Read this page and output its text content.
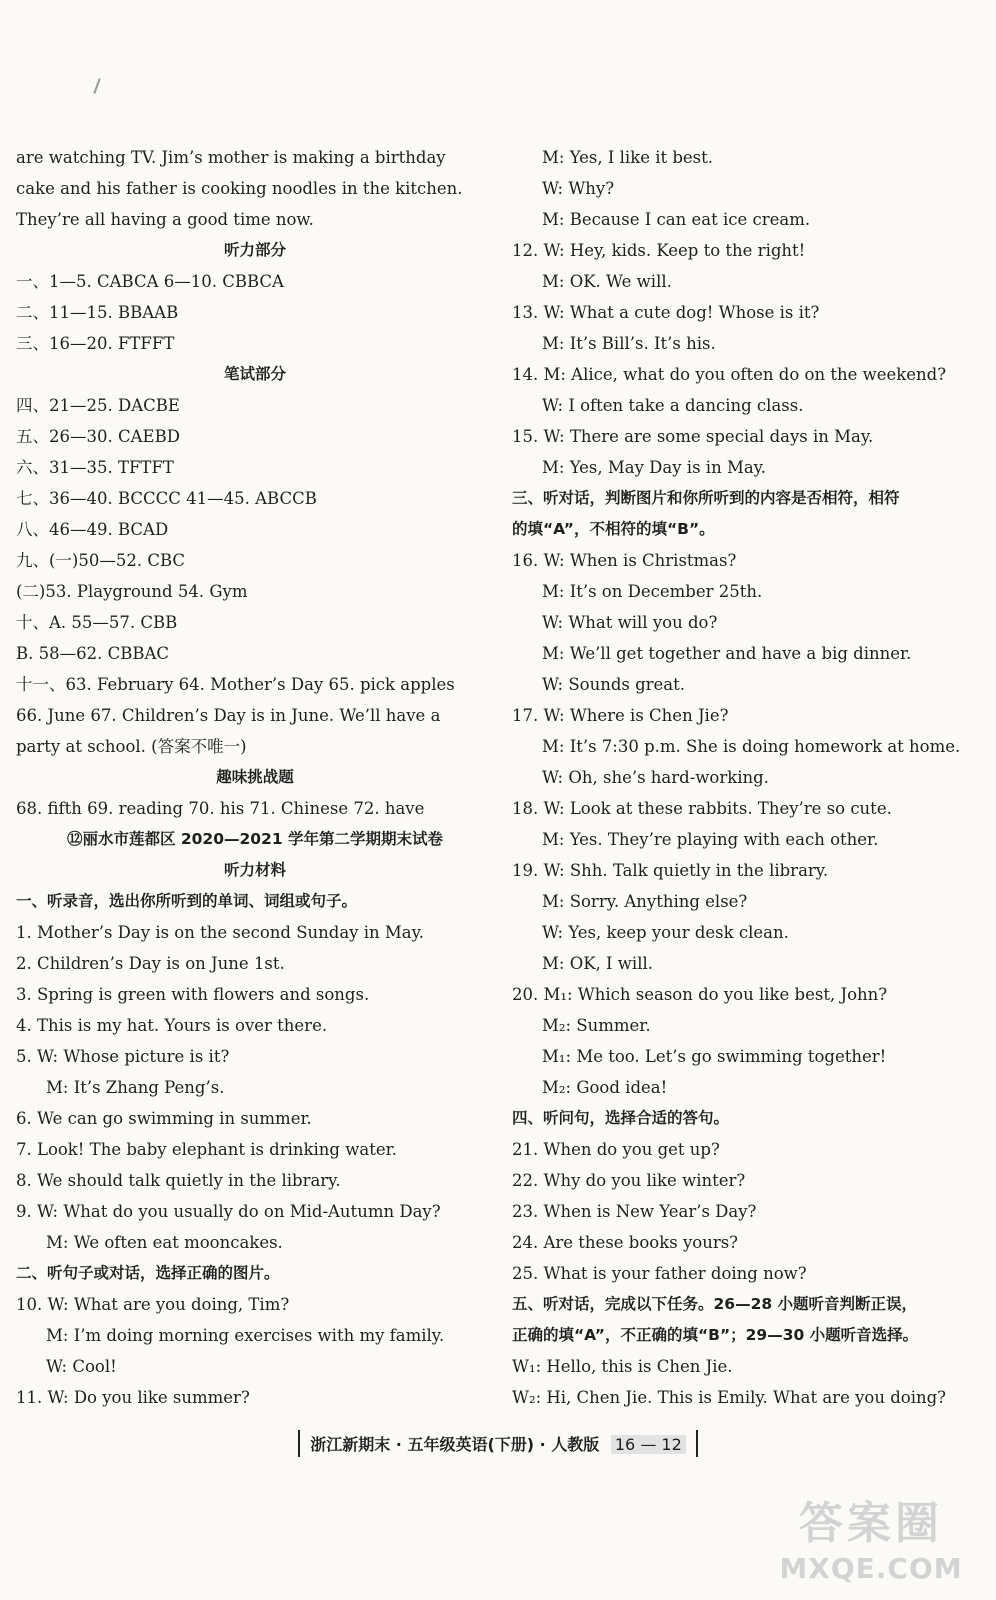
are watching TV. Jim’s mother is making a birthday
cake and his father is cooking noodles in the kitchen.
They’re all having a good time now.
听力部分
一、1—5. CABCA 6—10. CBBCA
二、11—15. BBAAB
三、16—20. FTFFT
笔试部分
四、21—25. DACBE
五、26—30. CAEBD
六、31—35. TFTFT
七、36—40. BCCCC 41—45. ABCCB
八、46—49. BCAD
九、(一)50—52. CBC
(二)53. Playground 54. Gym
十、A. 55—57. CBB
B. 58—62. CBBAC
十一、63. February 64. Mother’s Day 65. pick apples
66. June 67. Children’s Day is in June. We’ll have a
party at school. (答案不唯一)
趣味挑战题
68. fifth 69. reading 70. his 71. Chinese 72. have
⑫丽水市莲都区 2020—2021 学年第二学期期末试卷
听力材料
一、听录音，选出你所听到的单词、词组或句子。
1. Mother’s Day is on the second Sunday in May.
2. Children’s Day is on June 1st.
3. Spring is green with flowers and songs.
4. This is my hat. Yours is over there.
5. W: Whose picture is it?
M: It’s Zhang Peng’s.
6. We can go swimming in summer.
7. Look! The baby elephant is drinking water.
8. We should talk quietly in the library.
9. W: What do you usually do on Mid-Autumn Day?
M: We often eat mooncakes.
二、听句子或对话，选择正确的图片。
10. W: What are you doing, Tim?
M: I’m doing morning exercises with my family.
W: Cool!
11. W: Do you like summer?
M: Yes, I like it best.
W: Why?
M: Because I can eat ice cream.
12. W: Hey, kids. Keep to the right!
M: OK. We will.
13. W: What a cute dog! Whose is it?
M: It’s Bill’s. It’s his.
14. M: Alice, what do you often do on the weekend?
W: I often take a dancing class.
15. W: There are some special days in May.
M: Yes, May Day is in May.
三、听对话，判断图片和你所听到的内容是否相符，相符
的填“A”，不相符的填“B”。
16. W: When is Christmas?
M: It’s on December 25th.
W: What will you do?
M: We’ll get together and have a big dinner.
W: Sounds great.
17. W: Where is Chen Jie?
M: It’s 7:30 p.m. She is doing homework at home.
W: Oh, she’s hard-working.
18. W: Look at these rabbits. They’re so cute.
M: Yes. They’re playing with each other.
19. W: Shh. Talk quietly in the library.
M: Sorry. Anything else?
W: Yes, keep your desk clean.
M: OK, I will.
20. M₁: Which season do you like best, John?
M₂: Summer.
M₁: Me too. Let’s go swimming together!
M₂: Good idea!
四、听问句，选择合适的答句。
21. When do you get up?
22. Why do you like winter?
23. When is New Year’s Day?
24. Are these books yours?
25. What is your father doing now?
五、听对话，完成以下任务。26—28 小题听音判断正误，
正确的填“A”，不正确的填“B”；29—30 小题听音选择。
W₁: Hello, this is Chen Jie.
W₂: Hi, Chen Jie. This is Emily. What are you doing?
浙江新期末 · 五年级英语(下册) · 人教版 16 — 12
答案圈
MXQE.COM
